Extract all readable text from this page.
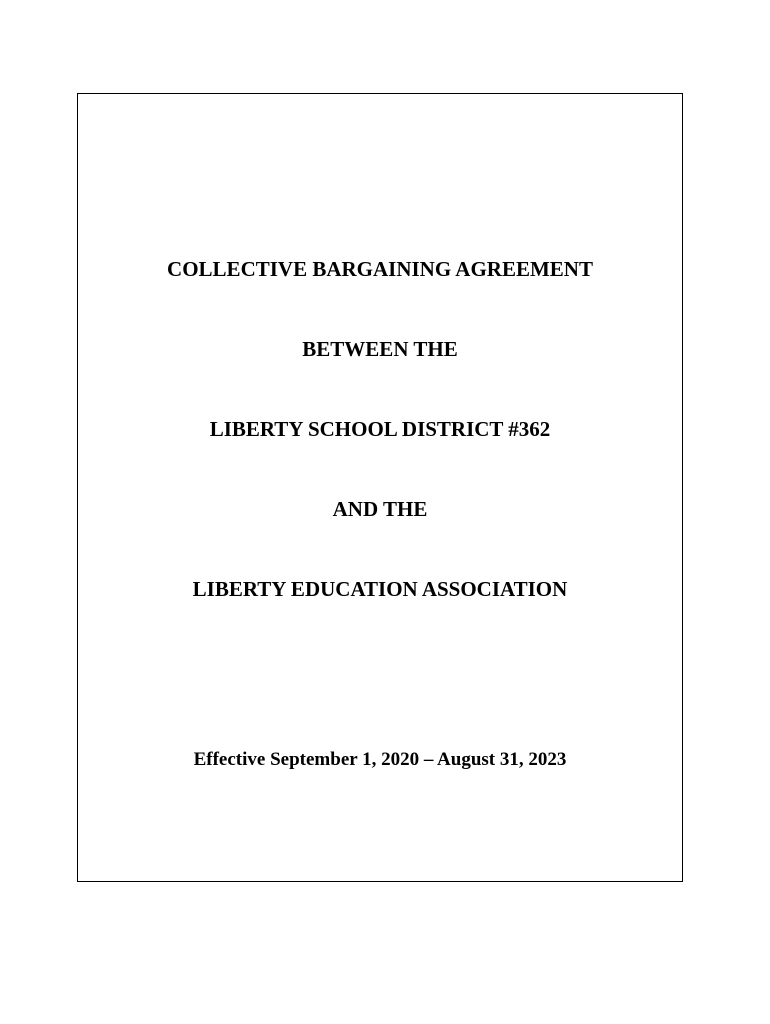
COLLECTIVE BARGAINING AGREEMENT
BETWEEN THE
LIBERTY SCHOOL DISTRICT #362
AND THE
LIBERTY EDUCATION ASSOCIATION
Effective September 1, 2020 – August 31, 2023
